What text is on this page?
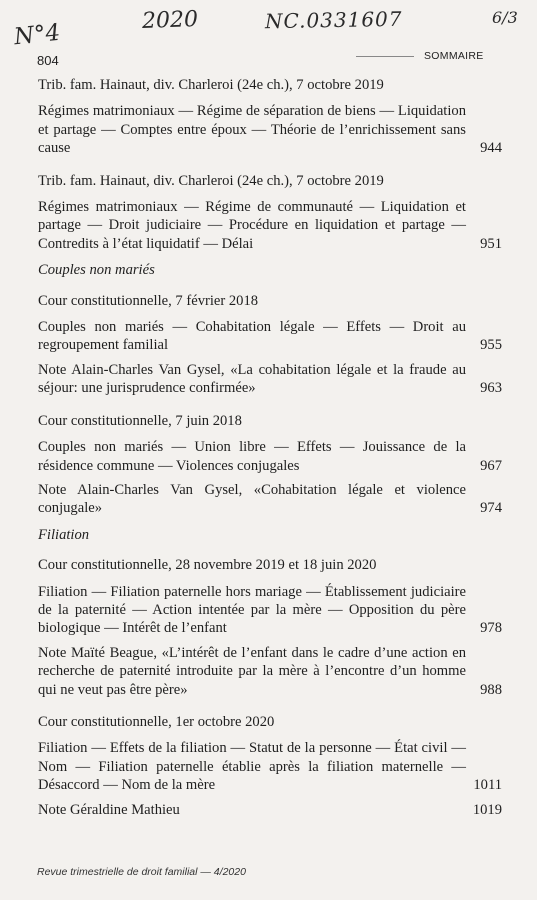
N°4	2020	NC.0331607	6/3
804	SOMMAIRE
Trib. fam. Hainaut, div. Charleroi (24e ch.), 7 octobre 2019
Régimes matrimoniaux — Régime de séparation de biens — Liquidation et partage — Comptes entre époux — Théorie de l’enrichissement sans cause	944
Trib. fam. Hainaut, div. Charleroi (24e ch.), 7 octobre 2019
Régimes matrimoniaux — Régime de communauté — Liquidation et partage — Droit judiciaire — Procédure en liquidation et partage — Contredits à l’état liquidatif — Délai	951
Couples non mariés
Cour constitutionnelle, 7 février 2018
Couples non mariés — Cohabitation légale — Effets — Droit au regroupement familial	955
Note Alain-Charles Van Gysel, «La cohabitation légale et la fraude au séjour: une jurisprudence confirmée»	963
Cour constitutionnelle, 7 juin 2018
Couples non mariés — Union libre — Effets — Jouissance de la résidence commune — Violences conjugales	967
Note Alain-Charles Van Gysel, «Cohabitation légale et violence conjugale»	974
Filiation
Cour constitutionnelle, 28 novembre 2019 et 18 juin 2020
Filiation — Filiation paternelle hors mariage — Établissement judiciaire de la paternité — Action intentée par la mère — Opposition du père biologique — Intérêt de l’enfant	978
Note Maïté Beague, «L’intérêt de l’enfant dans le cadre d’une action en recherche de paternité introduite par la mère à l’encontre d’un homme qui ne veut pas être père»	988
Cour constitutionnelle, 1er octobre 2020
Filiation — Effets de la filiation — Statut de la personne — État civil — Nom — Filiation paternelle établie après la filiation maternelle — Désaccord — Nom de la mère	1011
Note Géraldine Mathieu	1019
Revue trimestrielle de droit familial — 4/2020
